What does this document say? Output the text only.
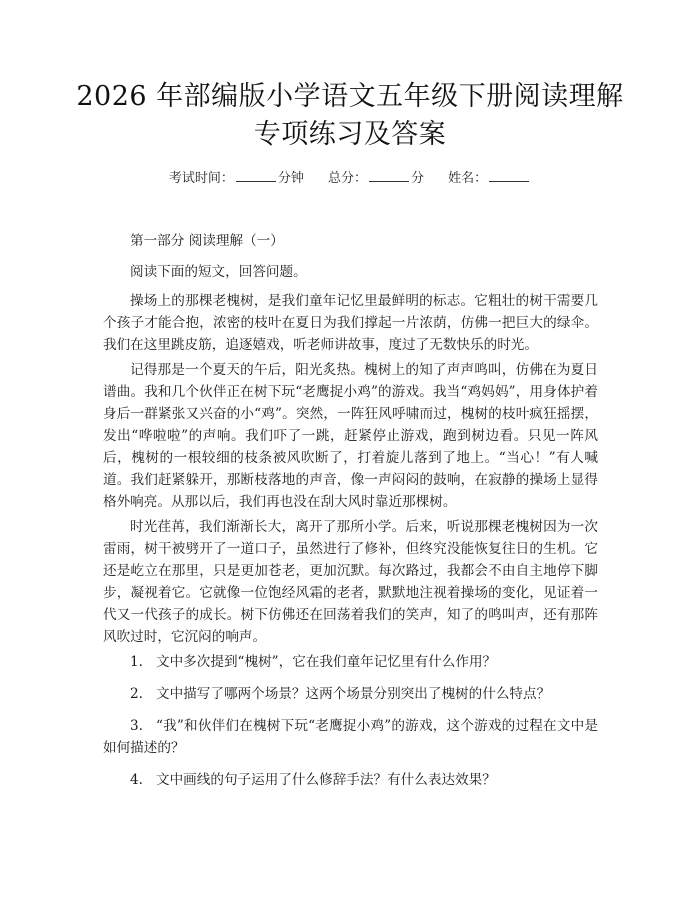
2026 年部编版小学语文五年级下册阅读理解
专项练习及答案
考试时间：	分钟 总分：	分 姓名：
第一部分 阅读理解（一）
阅读下面的短文，回答问题。
操场上的那棵老槐树，是我们童年记忆里最鲜明的标志。它粗壮的树干需要几个孩子才能合抱，浓密的枝叶在夏日为我们撑起一片浓荫，仿佛一把巨大的绿伞。我们在这里跳皮筋，追逐嬉戏，听老师讲故事，度过了无数快乐的时光。
记得那是一个夏天的午后，阳光炙热。槐树上的知了声声鸣叫，仿佛在为夏日谱曲。我和几个伙伴正在树下玩“老鹰捉小鸡”的游戏。我当“鸡妈妈”，用身体护着身后一群紧张又兴奋的小“鸡”。突然，一阵狂风呼啸而过，槐树的枝叶疯狂摇摆，发出“哗啦啦”的声响。我们吓了一跳，赶紧停止游戏，跑到树边看。只见一阵风后，槐树的一根较细的枝条被风吹断了，打着旋儿落到了地上。“当心！”有人喊道。我们赶紧躲开，那断枝落地的声音，像一声闷闷的鼓响，在寂静的操场上显得格外响亮。从那以后，我们再也没在刮大风时靠近那棵树。
时光荏苒，我们渐渐长大，离开了那所小学。后来，听说那棵老槐树因为一次雷雨，树干被劈开了一道口子，虽然进行了修补，但终究没能恢复往日的生机。它还是屹立在那里，只是更加苍老，更加沉默。每次路过，我都会不由自主地停下脚步，凝视着它。它就像一位饱经风霜的老者，默默地注视着操场的变化，见证着一代又一代孩子的成长。树下仿佛还在回荡着我们的笑声，知了的鸣叫声，还有那阵风吹过时，它沉闷的响声。
1. 文中多次提到“槐树”，它在我们童年记忆里有什么作用？
2. 文中描写了哪两个场景？这两个场景分别突出了槐树的什么特点？
3. “我”和伙伴们在槐树下玩“老鹰捉小鸡”的游戏，这个游戏的过程在文中是如何描述的？
4. 文中画线的句子运用了什么修辞手法？有什么表达效果？
